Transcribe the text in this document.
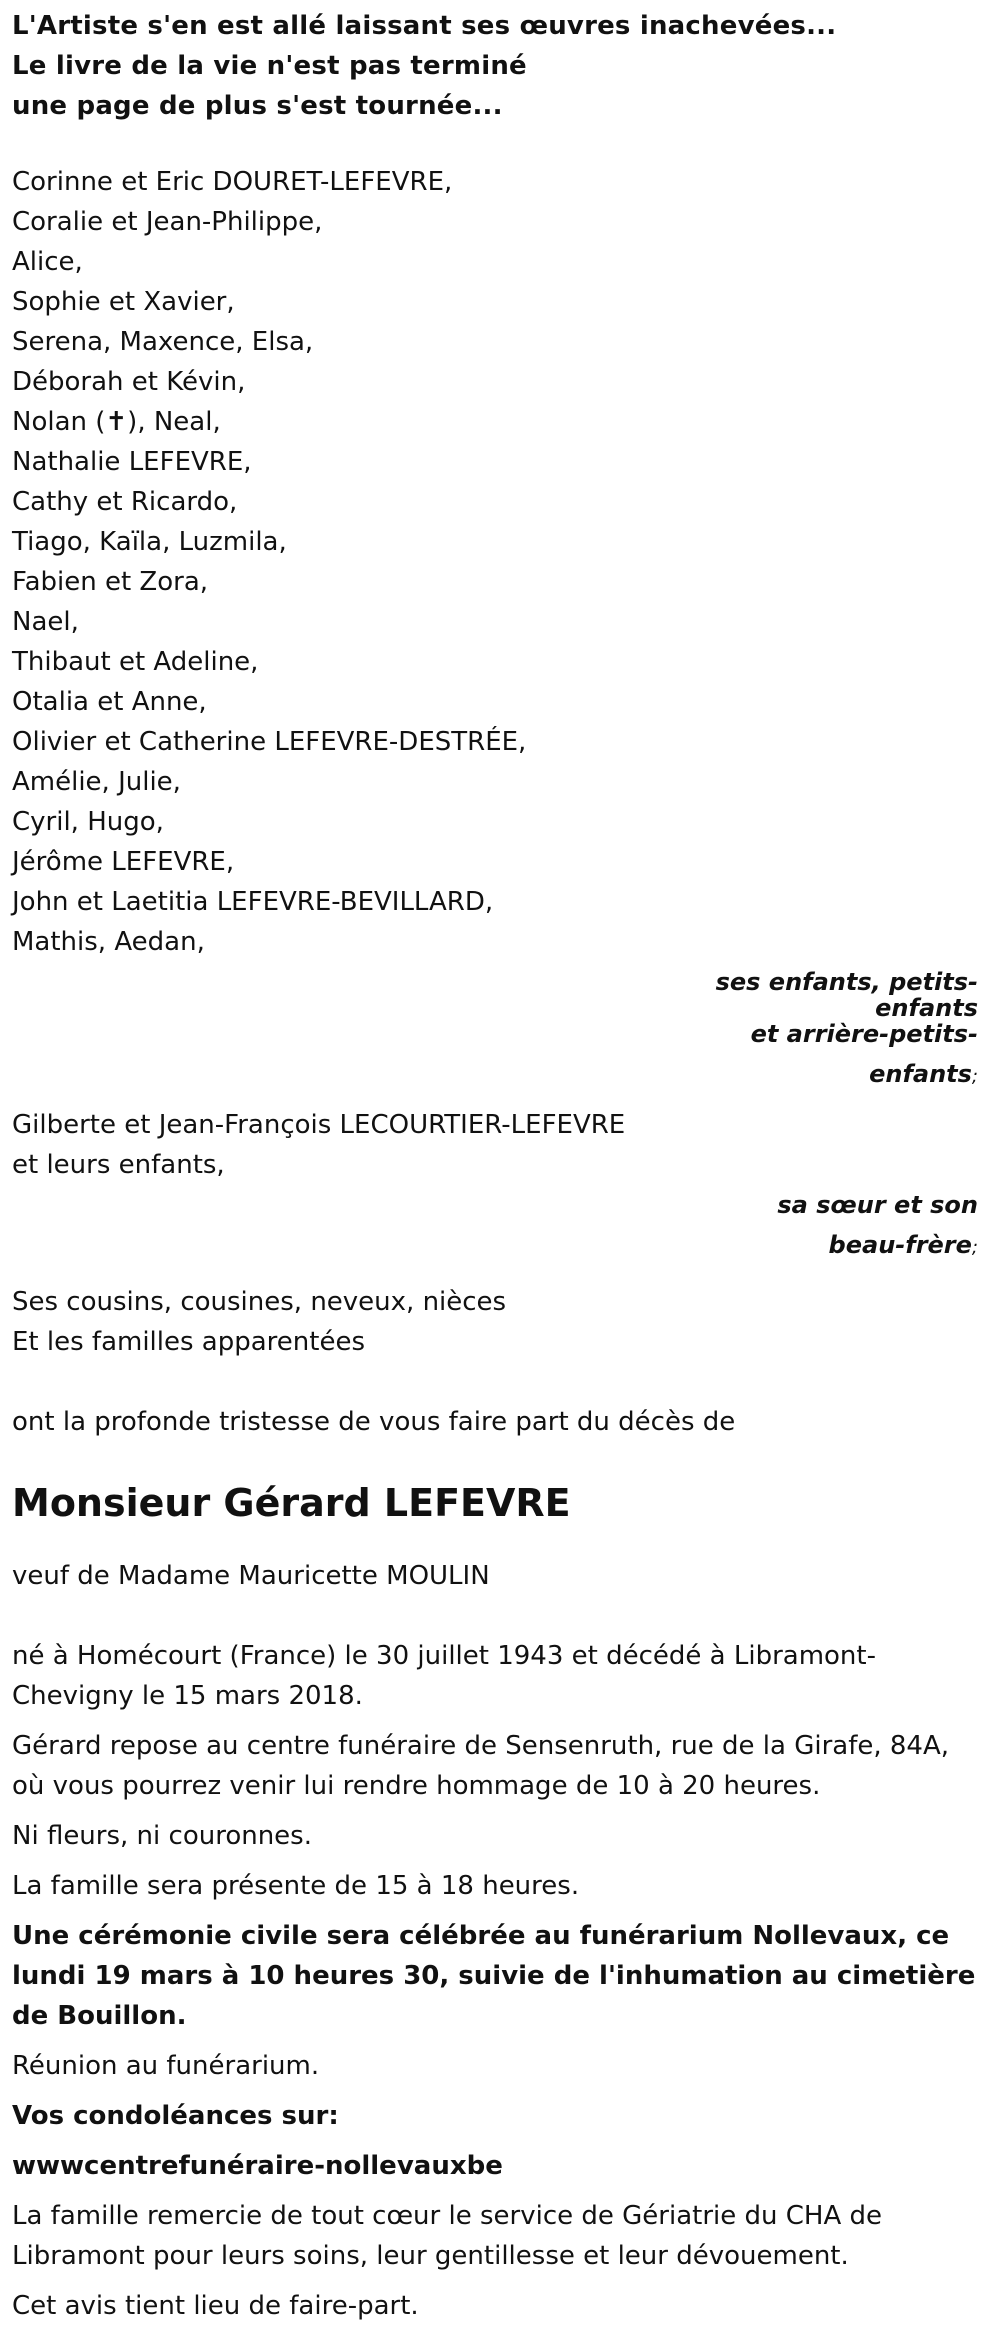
L'Artiste s'en est allé laissant ses œuvres inachevées...
Le livre de la vie n'est pas terminé
une page de plus s'est tournée...
Corinne et Eric DOURET-LEFEVRE,
Coralie et Jean-Philippe,
Alice,
Sophie et Xavier,
Serena, Maxence, Elsa,
Déborah et Kévin,
Nolan (✝), Neal,
Nathalie LEFEVRE,
Cathy et Ricardo,
Tiago, Kaïla, Luzmila,
Fabien et Zora,
Nael,
Thibaut et Adeline,
Otalia et Anne,
Olivier et Catherine LEFEVRE-DESTRÉE,
Amélie, Julie,
Cyril, Hugo,
Jérôme LEFEVRE,
John et Laetitia LEFEVRE-BEVILLARD,
Mathis, Aedan,
ses enfants, petits-
enfants
et arrière-petits-
enfants;
Gilberte et Jean-François LECOURTIER-LEFEVRE
et leurs enfants,
sa sœur et son
beau-frère;
Ses cousins, cousines, neveux, nièces
Et les familles apparentées
ont la profonde tristesse de vous faire part du décès de
Monsieur Gérard LEFEVRE
veuf de Madame Mauricette MOULIN
né à Homécourt (France) le 30 juillet 1943 et décédé à Libramont-Chevigny le 15 mars 2018.
Gérard repose au centre funéraire de Sensenruth, rue de la Girafe, 84A, où vous pourrez venir lui rendre hommage de 10 à 20 heures.
Ni fleurs, ni couronnes.
La famille sera présente de 15 à 18 heures.
Une cérémonie civile sera célébrée au funérarium Nollevaux, ce lundi 19 mars à 10 heures 30, suivie de l'inhumation au cimetière de Bouillon.
Réunion au funérarium.
Vos condoléances sur:
wwwcentrefunéraire-nollevauxbe
La famille remercie de tout cœur le service de Gériatrie du CHA de Libramont pour leurs soins, leur gentillesse et leur dévouement.
Cet avis tient lieu de faire-part.
